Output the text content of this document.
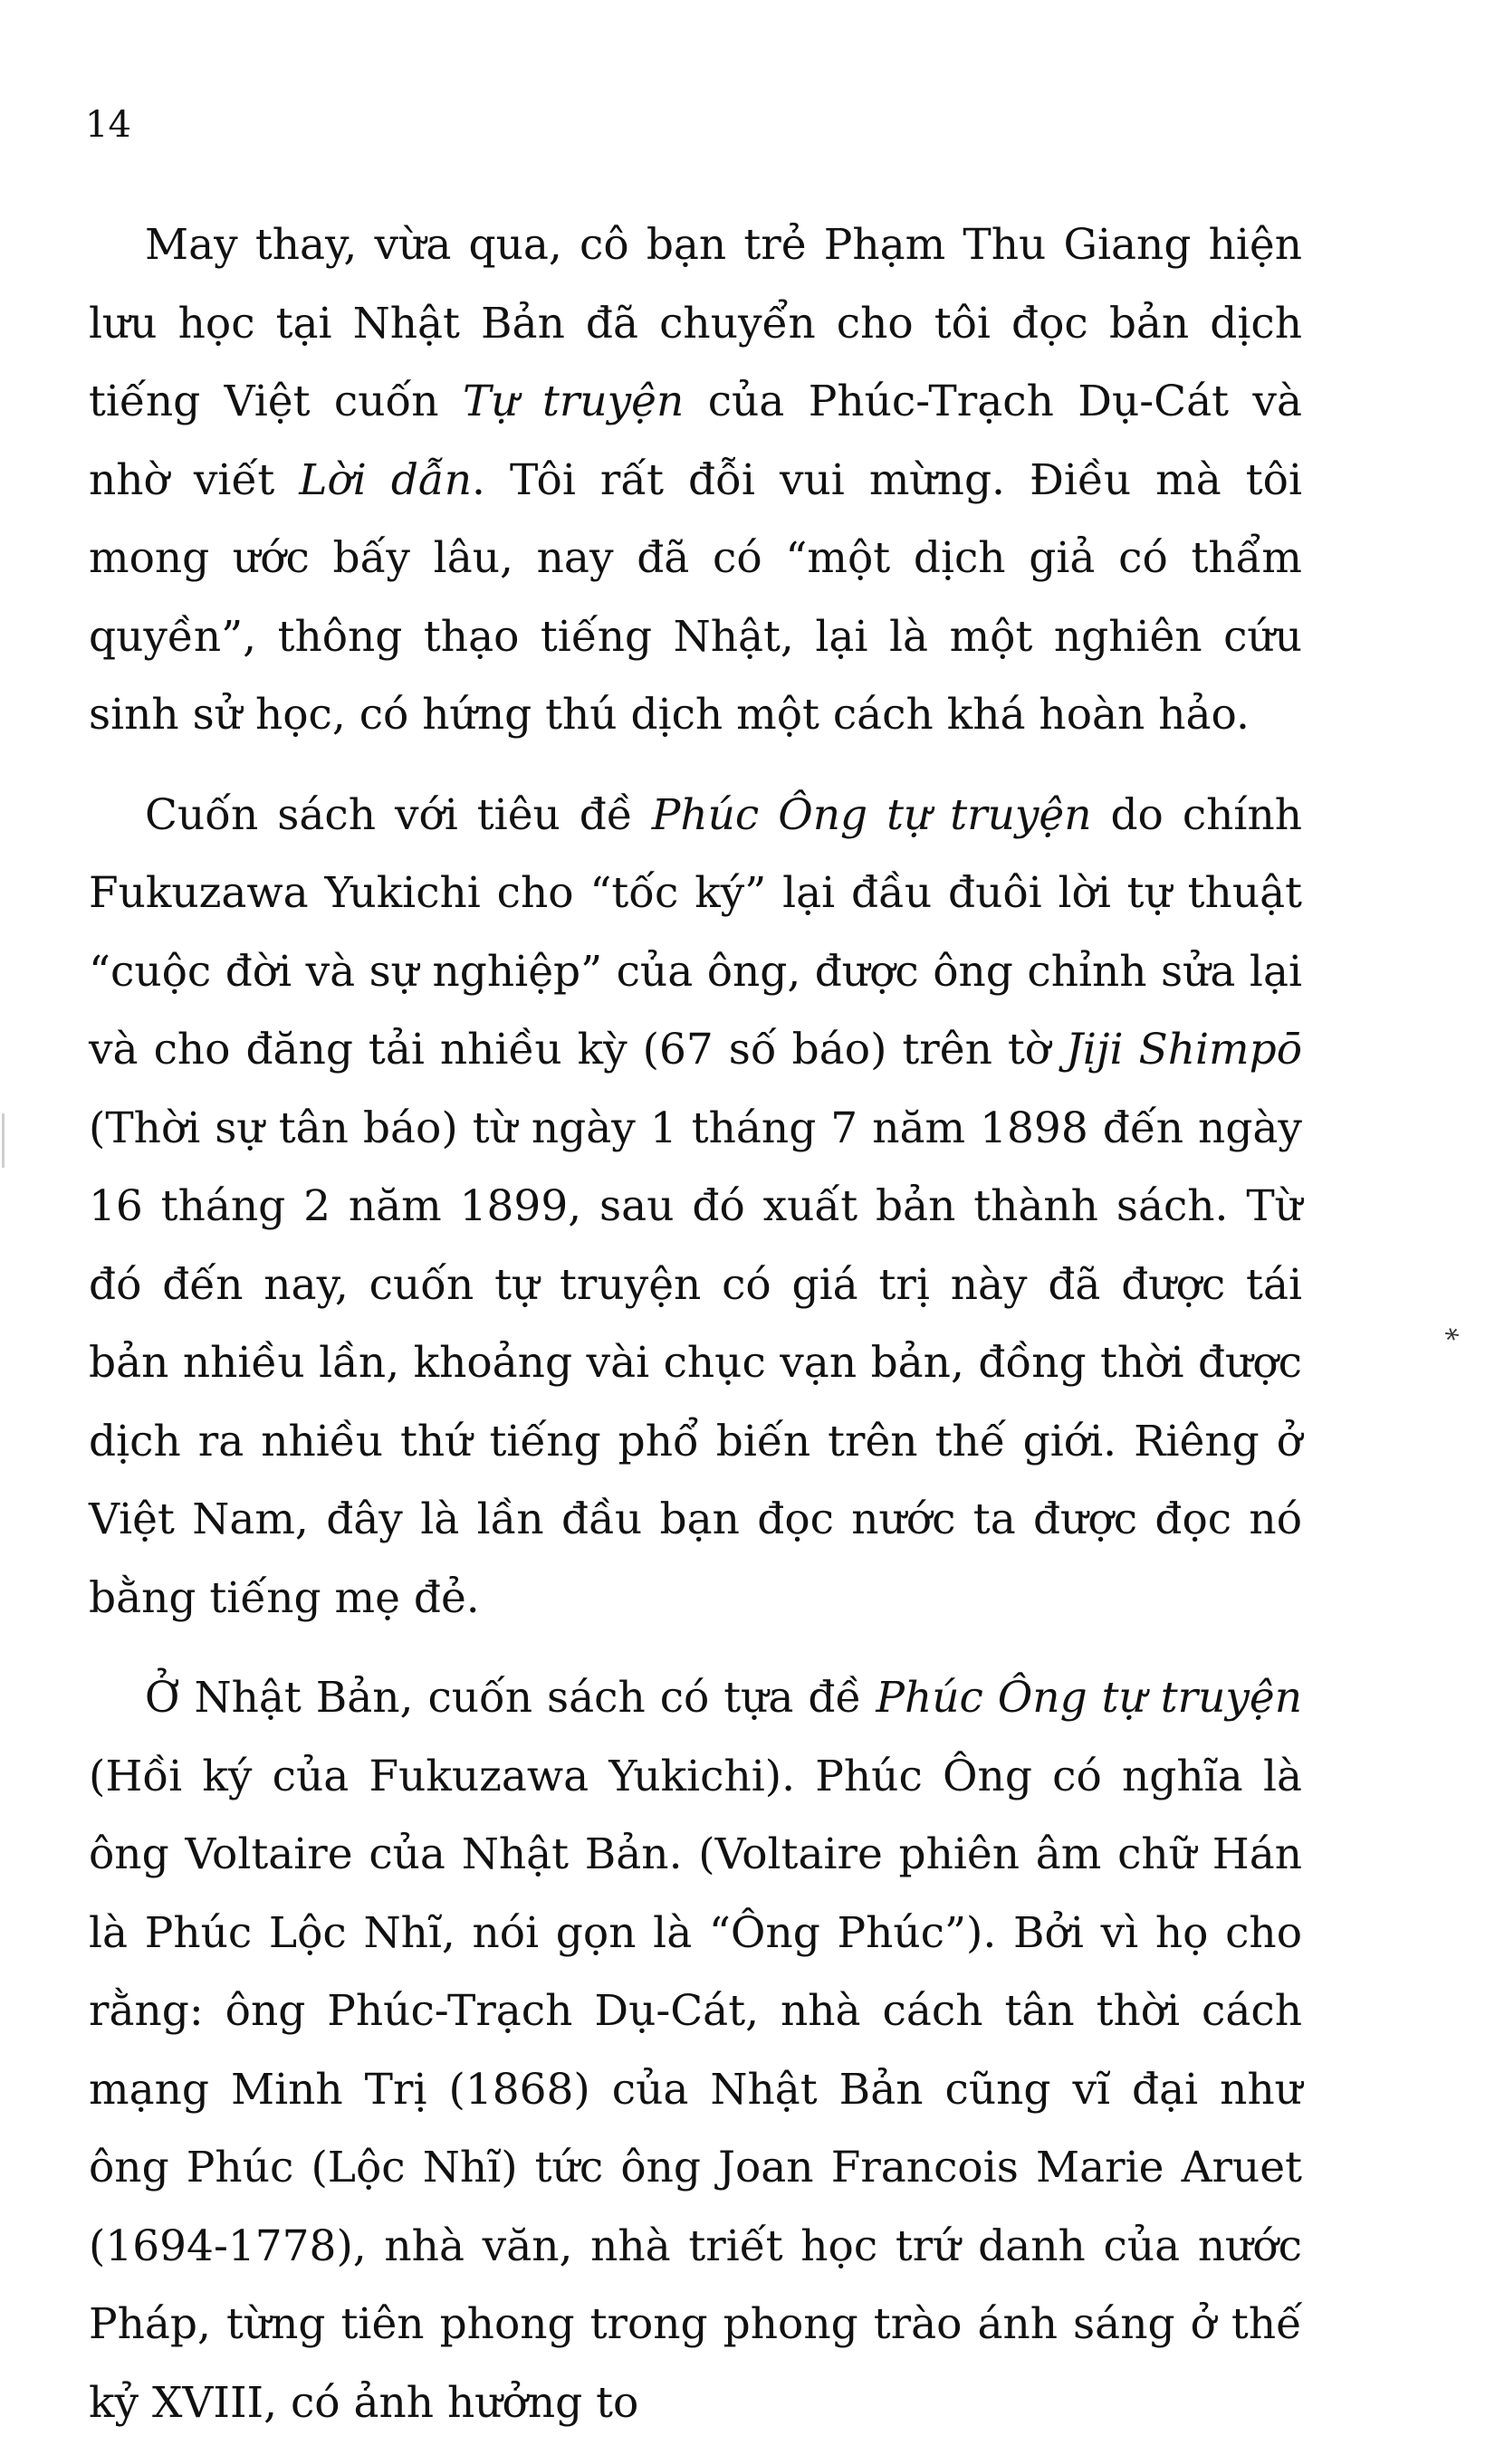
14

May thay, vừa qua, cô bạn trẻ Phạm Thu Giang hiện lưu học tại Nhật Bản đã chuyển cho tôi đọc bản dịch tiếng Việt cuốn Tự truyện của Phúc-Trạch Dụ-Cát và nhờ viết Lời dẫn. Tôi rất đỗi vui mừng. Điều mà tôi mong ước bấy lâu, nay đã có “một dịch giả có thẩm quyền”, thông thạo tiếng Nhật, lại là một nghiên cứu sinh sử học, có hứng thú dịch một cách khá hoàn hảo.

Cuốn sách với tiêu đề Phúc Ông tự truyện do chính Fukuzawa Yukichi cho “tốc ký” lại đầu đuôi lời tự thuật “cuộc đời và sự nghiệp” của ông, được ông chỉnh sửa lại và cho đăng tải nhiều kỳ (67 số báo) trên tờ Jiji Shimpō (Thời sự tân báo) từ ngày 1 tháng 7 năm 1898 đến ngày 16 tháng 2 năm 1899, sau đó xuất bản thành sách. Từ đó đến nay, cuốn tự truyện có giá trị này đã được tái bản nhiều lần, khoảng vài chục vạn bản, đồng thời được dịch ra nhiều thứ tiếng phổ biến trên thế giới. Riêng ở Việt Nam, đây là lần đầu bạn đọc nước ta được đọc nó bằng tiếng mẹ đẻ.

Ở Nhật Bản, cuốn sách có tựa đề Phúc Ông tự truyện (Hồi ký của Fukuzawa Yukichi). Phúc Ông có nghĩa là ông Voltaire của Nhật Bản. (Voltaire phiên âm chữ Hán là Phúc Lộc Nhĩ, nói gọn là “Ông Phúc”). Bởi vì họ cho rằng: ông Phúc-Trạch Dụ-Cát, nhà cách tân thời cách mạng Minh Trị (1868) của Nhật Bản cũng vĩ đại như ông Phúc (Lộc Nhĩ) tức ông Joan Francois Marie Aruet (1694-1778), nhà văn, nhà triết học trứ danh của nước Pháp, từng tiên phong trong phong trào ánh sáng ở thế kỷ XVIII, có ảnh hưởng to

*
